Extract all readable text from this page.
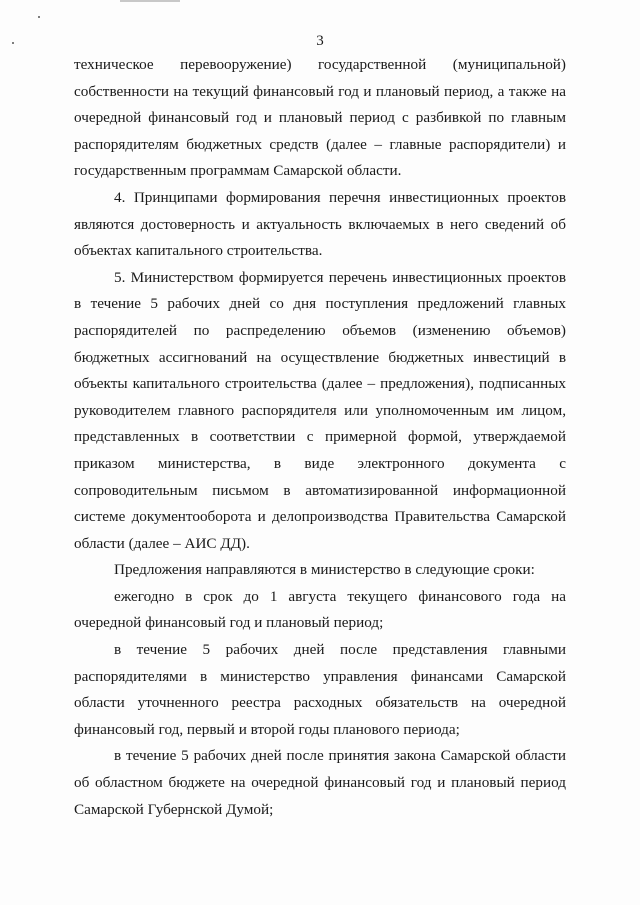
3
техническое перевооружение) государственной (муниципальной)
собственности на текущий финансовый год и плановый период, а также на
очередной финансовый год и плановый период с разбивкой по главным
распорядителям бюджетных средств (далее – главные распорядители) и
государственным программам Самарской области.
4. Принципами формирования перечня инвестиционных проектов
являются достоверность и актуальность включаемых в него сведений об
объектах капитального строительства.
5. Министерством формируется перечень инвестиционных проектов
в течение 5 рабочих дней со дня поступления предложений главных
распорядителей по распределению объемов (изменению объемов)
бюджетных ассигнований на осуществление бюджетных инвестиций в
объекты капитального строительства (далее – предложения), подписанных
руководителем главного распорядителя или уполномоченным им лицом,
представленных в соответствии с примерной формой, утверждаемой
приказом министерства, в виде электронного документа с
сопроводительным письмом в автоматизированной информационной
системе документооборота и делопроизводства Правительства Самарской
области (далее – АИС ДД).
Предложения направляются в министерство в следующие сроки:
ежегодно в срок до 1 августа текущего финансового года на
очередной финансовый год и плановый период;
в течение 5 рабочих дней после представления главными
распорядителями в министерство управления финансами Самарской
области уточненного реестра расходных обязательств на очередной
финансовый год, первый и второй годы планового периода;
в течение 5 рабочих дней после принятия закона Самарской области
об областном бюджете на очередной финансовый год и плановый период
Самарской Губернской Думой;
